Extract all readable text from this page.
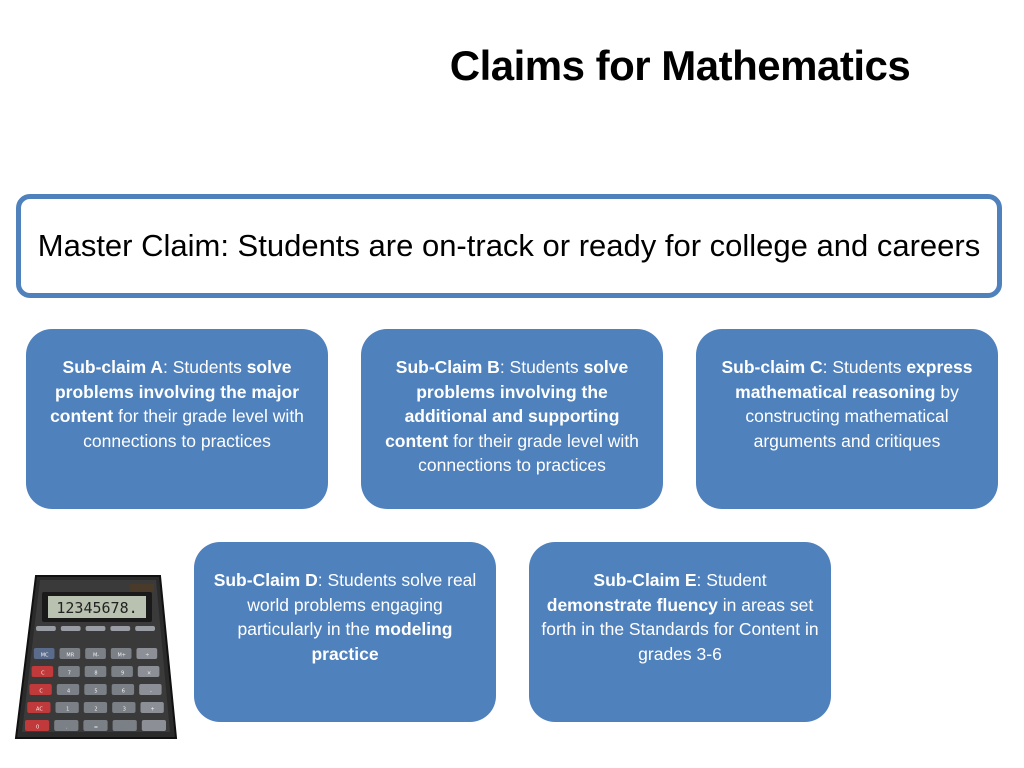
Claims for Mathematics
Master Claim: Students are on-track or ready for college and careers
Sub-claim A: Students solve problems involving the major content for their grade level with connections to practices
Sub-Claim B: Students solve problems involving the additional and supporting content for their grade level with connections to practices
Sub-claim C: Students express mathematical reasoning by constructing mathematical arguments and critiques
Sub-Claim D: Students solve real world problems engaging particularly in the modeling practice
Sub-Claim E: Student demonstrate fluency in areas set forth in the Standards for Content in grades 3-6
12345678.
MC	MR	M-	M+	÷
C	7	8	9	×
C	4	5	6	-
AC	1	2	3	+
0	.	=
